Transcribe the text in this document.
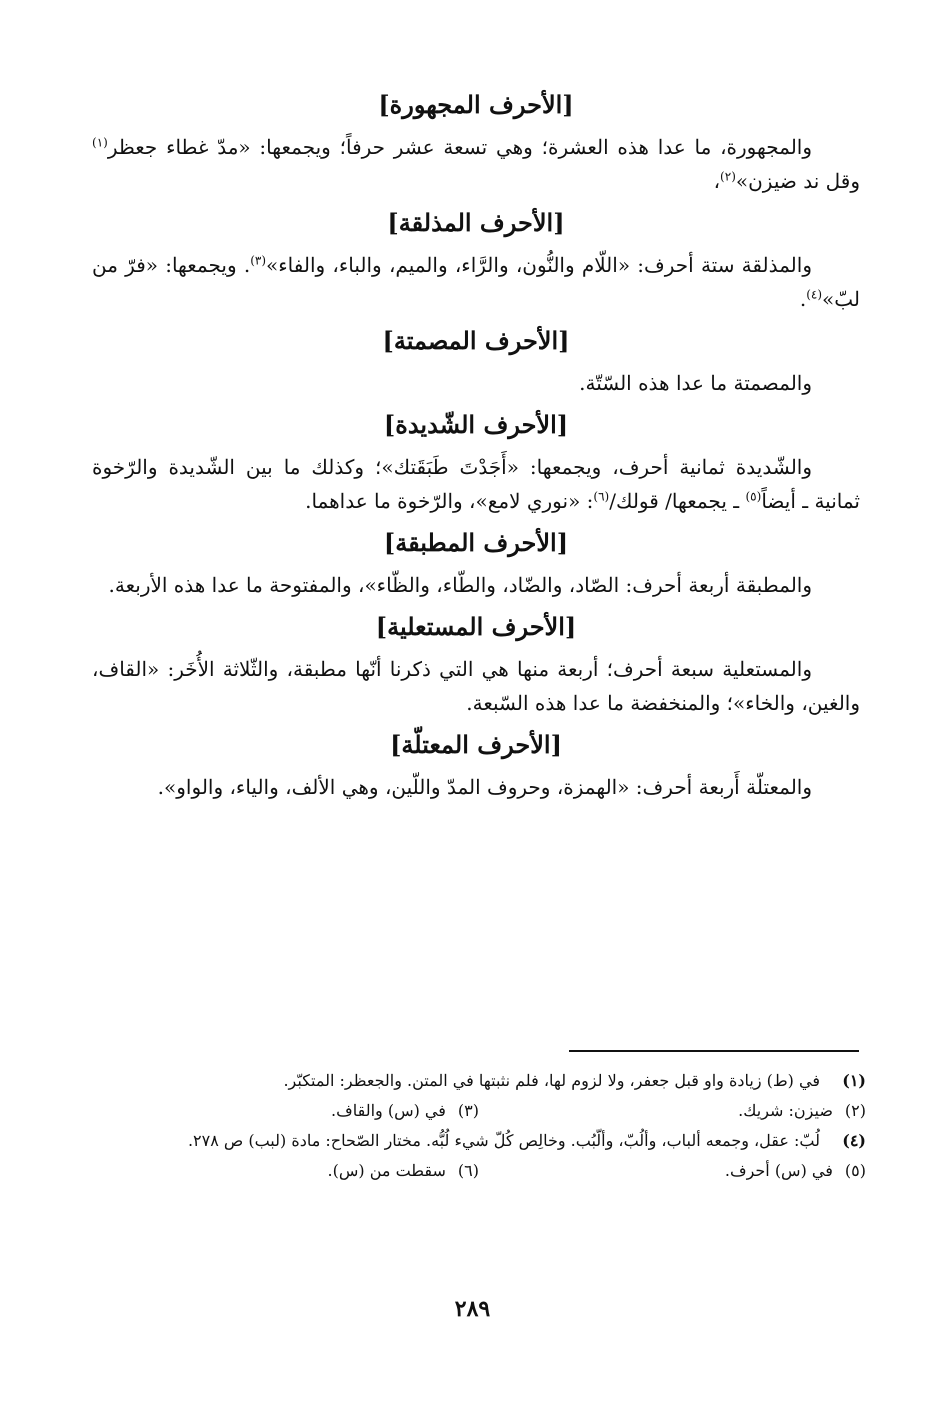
[الأحرف المجهورة]
والمجهورة، ما عدا هذه العشرة؛ وهي تسعة عشر حرفاً؛ ويجمعها: «مدّ غطاء جعظر$^{(١)}$ وقل ند ضيزن»$^{(٢)}$،
[الأحرف المذلقة]
والمذلقة ستة أحرف: «اللّام والنُّون، والرَّاء، والميم، والباء، والفاء»$^{(٣)}$. ويجمعها: «فرّ من لبّ»$^{(٤)}$.
[الأحرف المصمتة]
والمصمتة ما عدا هذه السّتّة.
[الأحرف الشّديدة]
والشّديدة ثمانية أحرف، ويجمعها: «أَجَدْتَ طَبَقَتك»؛ وكذلك ما بين الشّديدة والرّخوة ثمانية ـ أيضاً$^{(٥)}$ ـ يجمعها/ قولك/$^{(٦)}$: «نوري لامع»، والرّخوة ما عداهما.
[الأحرف المطبقة]
والمطبقة أربعة أحرف: الصّاد، والضّاد، والطّاء، والظّاء»، والمفتوحة ما عدا هذه الأربعة.
[الأحرف المستعلية]
والمستعلية سبعة أحرف؛ أربعة منها هي التي ذكرنا أنّها مطبقة، والثّلاثة الأُخَر: «القاف، والغين، والخاء»؛ والمنخفضة ما عدا هذه السّبعة.
[الأحرف المعتلّة]
والمعتلّة أَربعة أحرف: «الهمزة، وحروف المدّ واللّين، وهي الألف، والياء، والواو».
(١)
في (ط) زيادة واو قبل جعفر، ولا لزوم لها، فلم نثبتها في المتن. والجعظر: المتكبّر.
(٢)
ضيزن: شريك.
(٣)
في (س) والقاف.
(٤)
لُبّ: عقل، وجمعه ألباب، وألُبّ، وألّبُب. وخالِص كُلّ شيء لُبُّه. مختار الصّحاح: مادة (لبب) ص ٢٧٨.
(٥)
في (س) أحرف.
(٦)
سقطت من (س).
٢٨٩
